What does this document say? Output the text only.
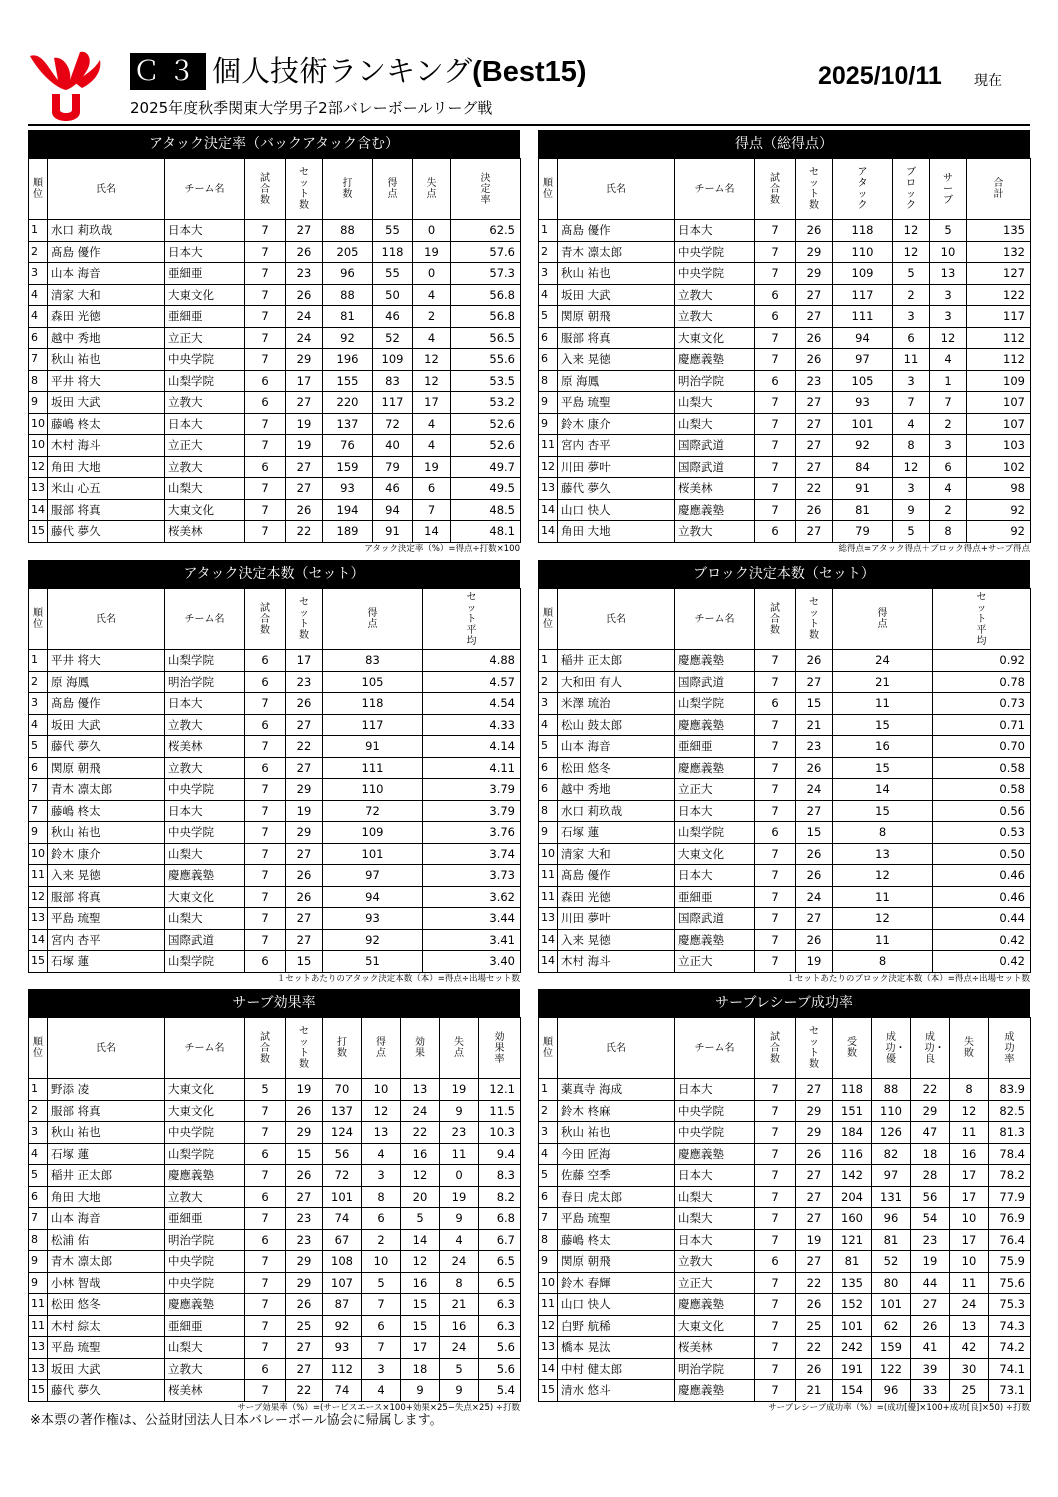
Ｃ３ 個人技術ランキング(Best15)
2025年度秋季関東大学男子2部バレーボールリーグ戦
2025/10/11 現在
アタック決定率（バックアタック含む）
順位	氏名	チーム名	試合数	セット数	打数	得点	失点	決定率
1	水口 莉玖哉	日本大	7	27	88	55	0	62.5
2	髙島 優作	日本大	7	26	205	118	19	57.6
3	山本 海音	亜細亜	7	23	96	55	0	57.3
4	清家 大和	大東文化	7	26	88	50	4	56.8
4	森田 光徳	亜細亜	7	24	81	46	2	56.8
6	越中 秀地	立正大	7	24	92	52	4	56.5
7	秋山 祐也	中央学院	7	29	196	109	12	55.6
8	平井 将大	山梨学院	6	17	155	83	12	53.5
9	坂田 大武	立教大	6	27	220	117	17	53.2
10	藤嶋 柊太	日本大	7	19	137	72	4	52.6
10	木村 海斗	立正大	7	19	76	40	4	52.6
12	角田 大地	立教大	6	27	159	79	19	49.7
13	米山 心五	山梨大	7	27	93	46	6	49.5
14	服部 将真	大東文化	7	26	194	94	7	48.5
15	藤代 夢久	桜美林	7	22	189	91	14	48.1
アタック決定率（%）=得点÷打数×100
得点（総得点）
順位	氏名	チーム名	試合数	セット数	アタック	ブロック	サーブ	合計
1	髙島 優作	日本大	7	26	118	12	5	135
2	青木 凛太郎	中央学院	7	29	110	12	10	132
3	秋山 祐也	中央学院	7	29	109	5	13	127
4	坂田 大武	立教大	6	27	117	2	3	122
5	関原 朝飛	立教大	6	27	111	3	3	117
6	服部 将真	大東文化	7	26	94	6	12	112
6	入来 晃徳	慶應義塾	7	26	97	11	4	112
8	原 海鳳	明治学院	6	23	105	3	1	109
9	平島 琉聖	山梨大	7	27	93	7	7	107
9	鈴木 康介	山梨大	7	27	101	4	2	107
11	宮内 杏平	国際武道	7	27	92	8	3	103
12	川田 夢叶	国際武道	7	27	84	12	6	102
13	藤代 夢久	桜美林	7	22	91	3	4	98
14	山口 快人	慶應義塾	7	26	81	9	2	92
14	角田 大地	立教大	6	27	79	5	8	92
総得点=アタック得点＋ブロック得点+サーブ得点
アタック決定本数（セット）
順位	氏名	チーム名	試合数	セット数	得点	セット平均
1	平井 将大	山梨学院	6	17	83	4.88
2	原 海鳳	明治学院	6	23	105	4.57
3	髙島 優作	日本大	7	26	118	4.54
4	坂田 大武	立教大	6	27	117	4.33
5	藤代 夢久	桜美林	7	22	91	4.14
6	関原 朝飛	立教大	6	27	111	4.11
7	青木 凛太郎	中央学院	7	29	110	3.79
7	藤嶋 柊太	日本大	7	19	72	3.79
9	秋山 祐也	中央学院	7	29	109	3.76
10	鈴木 康介	山梨大	7	27	101	3.74
11	入来 晃徳	慶應義塾	7	26	97	3.73
12	服部 将真	大東文化	7	26	94	3.62
13	平島 琉聖	山梨大	7	27	93	3.44
14	宮内 杏平	国際武道	7	27	92	3.41
15	石塚 蓮	山梨学院	6	15	51	3.40
１セットあたりのアタック決定本数（本）=得点÷出場セット数
ブロック決定本数（セット）
順位	氏名	チーム名	試合数	セット数	得点	セット平均
1	稲井 正太郎	慶應義塾	7	26	24	0.92
2	大和田 有人	国際武道	7	27	21	0.78
3	米澤 琉治	山梨学院	6	15	11	0.73
4	松山 鼓太郎	慶應義塾	7	21	15	0.71
5	山本 海音	亜細亜	7	23	16	0.70
6	松田 悠冬	慶應義塾	7	26	15	0.58
6	越中 秀地	立正大	7	24	14	0.58
8	水口 莉玖哉	日本大	7	27	15	0.56
9	石塚 蓮	山梨学院	6	15	8	0.53
10	清家 大和	大東文化	7	26	13	0.50
11	髙島 優作	日本大	7	26	12	0.46
11	森田 光徳	亜細亜	7	24	11	0.46
13	川田 夢叶	国際武道	7	27	12	0.44
14	入来 晃徳	慶應義塾	7	26	11	0.42
14	木村 海斗	立正大	7	19	8	0.42
１セットあたりのブロック決定本数（本）=得点÷出場セット数
サーブ効果率
順位	氏名	チーム名	試合数	セット数	打数	得点	効果	失点	効果率
1	野添 凌	大東文化	5	19	70	10	13	19	12.1
2	服部 将真	大東文化	7	26	137	12	24	9	11.5
3	秋山 祐也	中央学院	7	29	124	13	22	23	10.3
4	石塚 蓮	山梨学院	6	15	56	4	16	11	9.4
5	稲井 正太郎	慶應義塾	7	26	72	3	12	0	8.3
6	角田 大地	立教大	6	27	101	8	20	19	8.2
7	山本 海音	亜細亜	7	23	74	6	5	9	6.8
8	松浦 佑	明治学院	6	23	67	2	14	4	6.7
9	青木 凛太郎	中央学院	7	29	108	10	12	24	6.5
9	小林 智哉	中央学院	7	29	107	5	16	8	6.5
11	松田 悠冬	慶應義塾	7	26	87	7	15	21	6.3
11	木村 綜太	亜細亜	7	25	92	6	15	16	6.3
13	平島 琉聖	山梨大	7	27	93	7	17	24	5.6
13	坂田 大武	立教大	6	27	112	3	18	5	5.6
15	藤代 夢久	桜美林	7	22	74	4	9	9	5.4
サーブ効果率（%）=(サービスエース×100+効果×25−失点×25) ÷打数
サーブレシーブ成功率
順位	氏名	チーム名	試合数	セット数	受数	成功・優	成功・良	失敗	成功率
1	薬真寺 海成	日本大	7	27	118	88	22	8	83.9
2	鈴木 柊麻	中央学院	7	29	151	110	29	12	82.5
3	秋山 祐也	中央学院	7	29	184	126	47	11	81.3
4	今田 匠海	慶應義塾	7	26	116	82	18	16	78.4
5	佐藤 空季	日本大	7	27	142	97	28	17	78.2
6	春日 虎太郎	山梨大	7	27	204	131	56	17	77.9
7	平島 琉聖	山梨大	7	27	160	96	54	10	76.9
8	藤嶋 柊太	日本大	7	19	121	81	23	17	76.4
9	関原 朝飛	立教大	6	27	81	52	19	10	75.9
10	鈴木 春輝	立正大	7	22	135	80	44	11	75.6
11	山口 快人	慶應義塾	7	26	152	101	27	24	75.3
12	白野 航稀	大東文化	7	25	101	62	26	13	74.3
13	橋本 晃汰	桜美林	7	22	242	159	41	42	74.2
14	中村 健太郎	明治学院	7	26	191	122	39	30	74.1
15	清水 悠斗	慶應義塾	7	21	154	96	33	25	73.1
サーブレシーブ成功率（%）=(成功[優]×100+成功[良]×50) ÷打数
※本票の著作権は、公益財団法人日本バレーボール協会に帰属します。
